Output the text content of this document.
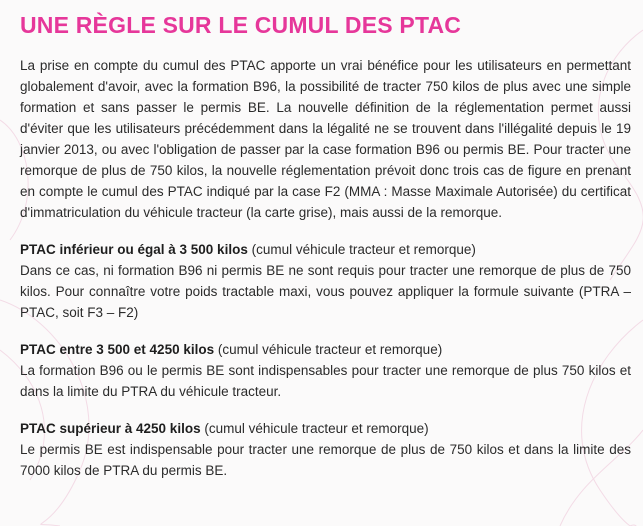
UNE RÈGLE SUR LE CUMUL DES PTAC

La prise en compte du cumul des PTAC apporte un vrai bénéfice pour les utilisateurs en permettant globalement d'avoir, avec la formation B96, la possibilité de tracter 750 kilos de plus avec une simple formation et sans passer le permis BE. La nouvelle définition de la réglementation permet aussi d'éviter que les utilisateurs précédemment dans la légalité ne se trouvent dans l'illégalité depuis le 19 janvier 2013, ou avec l'obligation de passer par la case formation B96 ou permis BE. Pour tracter une remorque de plus de 750 kilos, la nouvelle réglementation prévoit donc trois cas de figure en prenant en compte le cumul des PTAC indiqué par la case F2 (MMA : Masse Maximale Autorisée) du certificat d'immatriculation du véhicule tracteur (la carte grise), mais aussi de la remorque.

PTAC inférieur ou égal à 3 500 kilos (cumul véhicule tracteur et remorque)

Dans ce cas, ni formation B96 ni permis BE ne sont requis pour tracter une remorque de plus de 750 kilos. Pour connaître votre poids tractable maxi, vous pouvez appliquer la formule suivante (PTRA – PTAC, soit F3 – F2)

PTAC entre 3 500 et 4250 kilos (cumul véhicule tracteur et remorque)

La formation B96 ou le permis BE sont indispensables pour tracter une remorque de plus 750 kilos et dans la limite du PTRA du véhicule tracteur.

PTAC supérieur à 4250 kilos (cumul véhicule tracteur et remorque)

Le permis BE est indispensable pour tracter une remorque de plus de 750 kilos et dans la limite des 7000 kilos de PTRA du permis BE.
